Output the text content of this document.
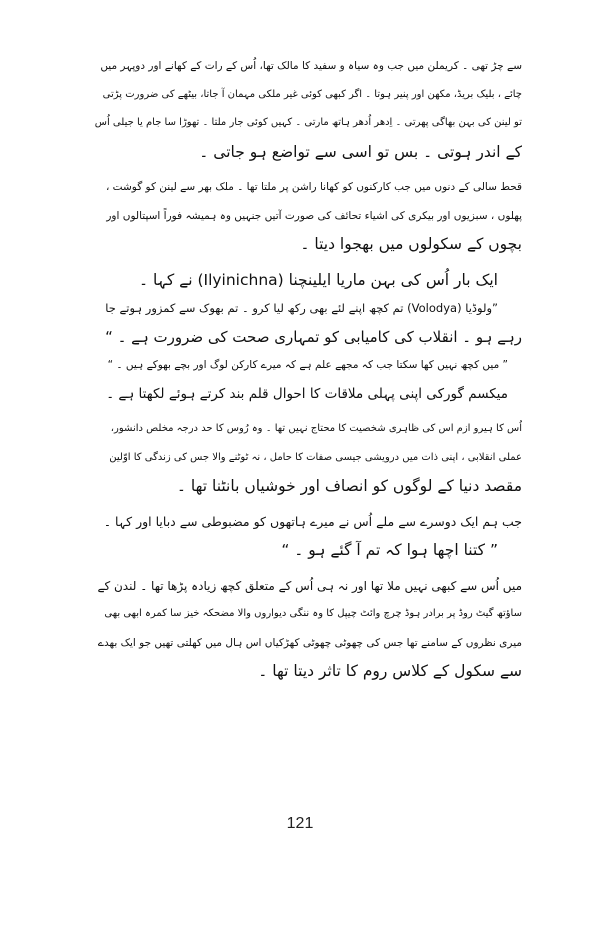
سے چڑ تھی ۔ کریملن میں جب وہ سیاہ و سفید کا مالک تھا، اُس کے رات کے کھانے اور دوپہر میں
چائے ، بلیک بریڈ، مکھن اور پنیر ہوتا ۔ اگر کبھی کوئی غیر ملکی مہمان آ جاتا، بیٹھے کی ضرورت پڑتی
تو لینن کی بہن بھاگی پھرتی ۔ اِدھر اُدھر ہاتھ مارتی ۔ کہیں کوئی جار ملتا ۔ تھوڑا سا جام یا جیلی اُس
کے اندر ہوتی ۔ بس تو اسی سے تواضع ہو جاتی ۔
قحط سالی کے دنوں میں جب کارکنوں کو کھانا راشن پر ملتا تھا ۔ ملک بھر سے لینن کو گوشت ،
پھلوں ، سبزیوں اور بیکری کی اشیاء تحائف کی صورت آتیں جنہیں وہ ہمیشہ فوراً اسپتالوں اور
بچوں کے سکولوں میں بھجوا دیتا ۔
ایک بار اُس کی بہن ماریا ایلینچنا (Ilyinichna) نے کہا ۔
”ولوڈیا (Volodya) تم کچھ اپنے لئے بھی رکھ لیا کرو ۔ تم بھوک سے کمزور ہوتے جا
رہے ہو ۔ انقلاب کی کامیابی کو تمہاری صحت کی ضرورت ہے ۔ “
” میں کچھ نہیں کھا سکتا جب کہ مجھے علم ہے کہ میرے کارکن لوگ اور بچے بھوکے ہیں ۔ “
میکسم گورکی اپنی پہلی ملاقات کا احوال قلم بند کرتے ہوئے لکھتا ہے ۔
اُس کا ہیرو ازم اس کی ظاہری شخصیت کا محتاج نہیں تھا ۔ وہ رُوس کا حد درجہ مخلص دانشور،
عملی انقلابی ، اپنی ذات میں درویشی جیسی صفات کا حامل ، نہ ٹوٹنے والا جس کی زندگی کا اوّلین
مقصد دنیا کے لوگوں کو انصاف اور خوشیاں بانٹنا تھا ۔
جب ہم ایک دوسرے سے ملے اُس نے میرے ہاتھوں کو مضبوطی سے دبایا اور کہا ۔
” کتنا اچھا ہوا کہ تم آ گئے ہو ۔ “
میں اُس سے کبھی نہیں ملا تھا اور نہ ہی اُس کے متعلق کچھ زیادہ پڑھا تھا ۔ لندن کے
ساؤتھ گیٹ روڈ پر برادر ہوڈ چرچ وائٹ چیپل کا وہ ننگی دیواروں والا مضحکہ خیز سا کمرہ ابھی بھی
میری نظروں کے سامنے تھا جس کی چھوٹی چھوٹی کھڑکیاں اس ہال میں کھلتی تھیں جو ایک بھدے
سے سکول کے کلاس روم کا تاثر دیتا تھا ۔
121
